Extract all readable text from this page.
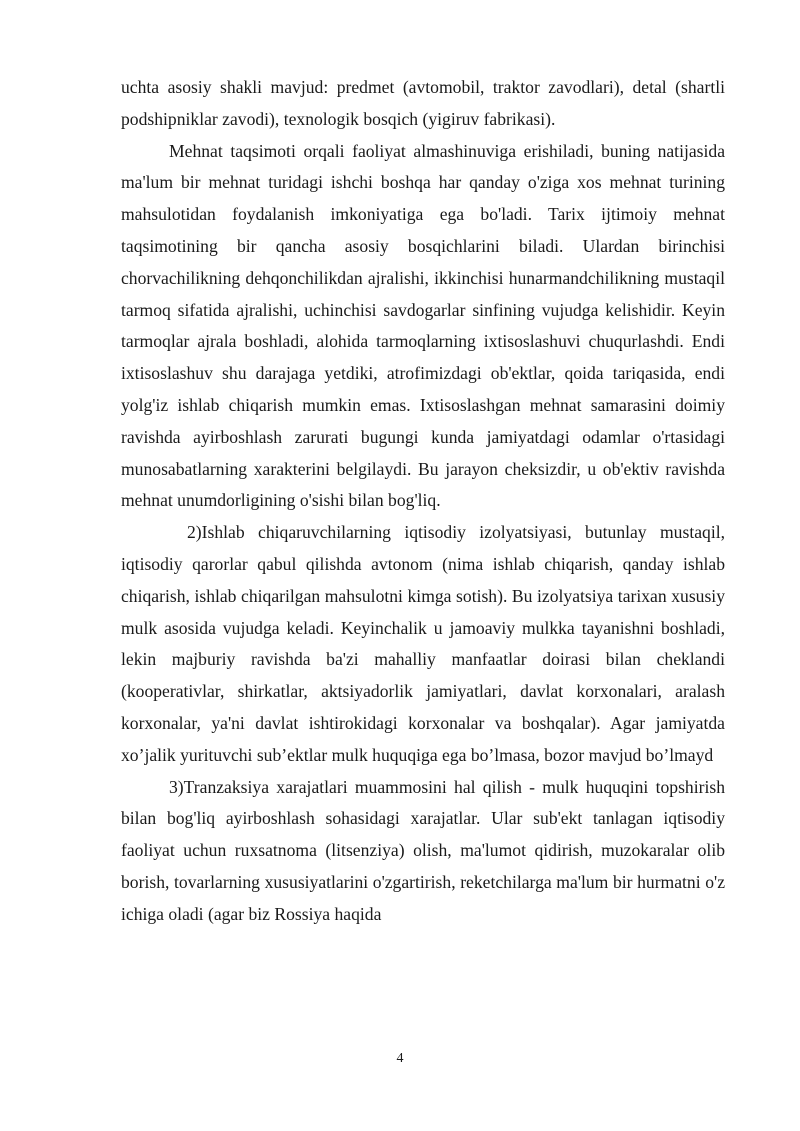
uchta asosiy shakli mavjud: predmet (avtomobil, traktor zavodlari), detal (shartli podshipniklar zavodi), texnologik bosqich (yigiruv fabrikasi).

Mehnat taqsimoti orqali faoliyat almashinuviga erishiladi, buning natijasida ma'lum bir mehnat turidagi ishchi boshqa har qanday o'ziga xos mehnat turining mahsulotidan foydalanish imkoniyatiga ega bo'ladi. Tarix ijtimoiy mehnat taqsimotining bir qancha asosiy bosqichlarini biladi. Ulardan birinchisi chorvachilikning dehqonchilikdan ajralishi, ikkinchisi hunarmandchilikning mustaqil tarmoq sifatida ajralishi, uchinchisi savdogarlar sinfining vujudga kelishidir. Keyin tarmoqlar ajrala boshladi, alohida tarmoqlarning ixtisoslashuvi chuqurlashdi. Endi ixtisoslashuv shu darajaga yetdiki, atrofimizdagi ob'ektlar, qoida tariqasida, endi yolg'iz ishlab chiqarish mumkin emas. Ixtisoslashgan mehnat samarasini doimiy ravishda ayirboshlash zarurati bugungi kunda jamiyatdagi odamlar o'rtasidagi munosabatlarning xarakterini belgilaydi. Bu jarayon cheksizdir, u ob'ektiv ravishda mehnat unumdorligining o'sishi bilan bog'liq.

2)Ishlab chiqaruvchilarning iqtisodiy izolyatsiyasi, butunlay mustaqil, iqtisodiy qarorlar qabul qilishda avtonom (nima ishlab chiqarish, qanday ishlab chiqarish, ishlab chiqarilgan mahsulotni kimga sotish). Bu izolyatsiya tarixan xususiy mulk asosida vujudga keladi. Keyinchalik u jamoaviy mulkka tayanishni boshladi, lekin majburiy ravishda ba'zi mahalliy manfaatlar doirasi bilan cheklandi (kooperativlar, shirkatlar, aktsiyadorlik jamiyatlari, davlat korxonalari, aralash korxonalar, ya'ni davlat ishtirokidagi korxonalar va boshqalar). Agar jamiyatda xo’jalik yurituvchi sub’ektlar mulk huquqiga ega bo’lmasa, bozor mavjud bo’lmayd

3)Tranzaksiya xarajatlari muammosini hal qilish - mulk huquqini topshirish bilan bog'liq ayirboshlash sohasidagi xarajatlar. Ular sub'ekt tanlagan iqtisodiy faoliyat uchun ruxsatnoma (litsenziya) olish, ma'lumot qidirish, muzokaralar olib borish, tovarlarning xususiyatlarini o'zgartirish, reketchilarga ma'lum bir hurmatni o'z ichiga oladi (agar biz Rossiya haqida

4
